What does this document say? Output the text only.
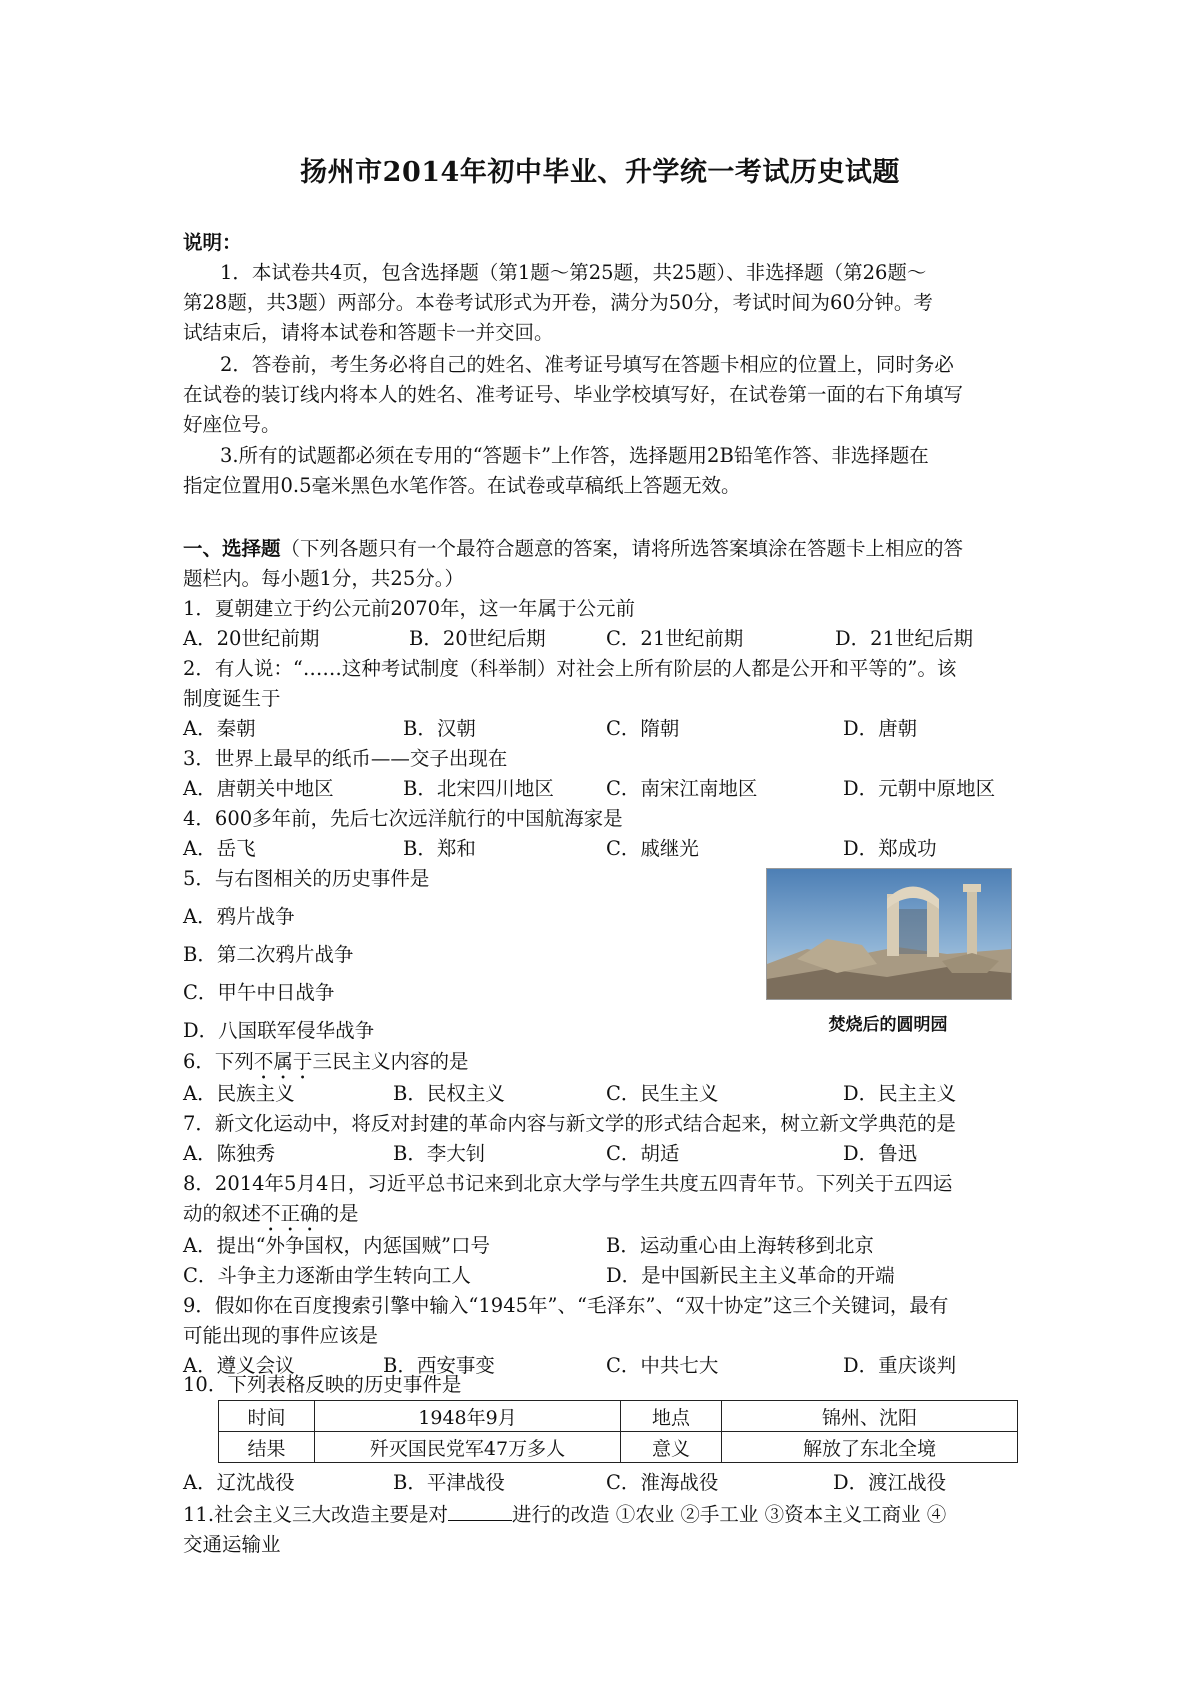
扬州市2014年初中毕业、升学统一考试历史试题
说明：
1．本试卷共4页，包含选择题（第1题～第25题，共25题）、非选择题（第26题～
第28题，共3题）两部分。本卷考试形式为开卷，满分为50分，考试时间为60分钟。考
试结束后，请将本试卷和答题卡一并交回。
2．答卷前，考生务必将自己的姓名、准考证号填写在答题卡相应的位置上，同时务必
在试卷的装订线内将本人的姓名、准考证号、毕业学校填写好，在试卷第一面的右下角填写
好座位号。
3.所有的试题都必须在专用的“答题卡”上作答，选择题用2B铅笔作答、非选择题在
指定位置用0.5毫米黑色水笔作答。在试卷或草稿纸上答题无效。
一、选择题（下列各题只有一个最符合题意的答案，请将所选答案填涂在答题卡上相应的答
题栏内。每小题1分，共25分。）
1．夏朝建立于约公元前2070年，这一年属于公元前
A．20世纪前期	B．20世纪后期	C．21世纪前期	D．21世纪后期
2．有人说：“……这种考试制度（科举制）对社会上所有阶层的人都是公开和平等的”。该
制度诞生于
A．秦朝	B．汉朝	C．隋朝	D．唐朝
3．世界上最早的纸币——交子出现在
A．唐朝关中地区	B．北宋四川地区	C．南宋江南地区	D．元朝中原地区
4．600多年前，先后七次远洋航行的中国航海家是
A．岳飞	B．郑和	C．戚继光	D．郑成功
5．与右图相关的历史事件是
A．鸦片战争
B．第二次鸦片战争
C．甲午中日战争
D．八国联军侵华战争	焚烧后的圆明园
6．下列不属于三民主义内容的是
A．民族主义	B．民权主义	C．民生主义	D．民主主义
7．新文化运动中，将反对封建的革命内容与新文学的形式结合起来，树立新文学典范的是
A．陈独秀	B．李大钊	C．胡适	D．鲁迅
8．2014年5月4日，习近平总书记来到北京大学与学生共度五四青年节。下列关于五四运
动的叙述不正确的是
A．提出“外争国权，内惩国贼”口号	B．运动重心由上海转移到北京
C．斗争主力逐渐由学生转向工人	D．是中国新民主主义革命的开端
9．假如你在百度搜索引擎中输入“1945年”、“毛泽东”、“双十协定”这三个关键词，最有
可能出现的事件应该是
A．遵义会议	B．西安事变	C．中共七大	D．重庆谈判
10．下列表格反映的历史事件是
时间	1948年9月	地点	锦州、沈阳
结果	歼灭国民党军47万多人	意义	解放了东北全境
A．辽沈战役	B．平津战役	C．淮海战役	D．渡江战役
11.社会主义三大改造主要是对	进行的改造 ①农业 ②手工业 ③资本主义工商业 ④
交通运输业
